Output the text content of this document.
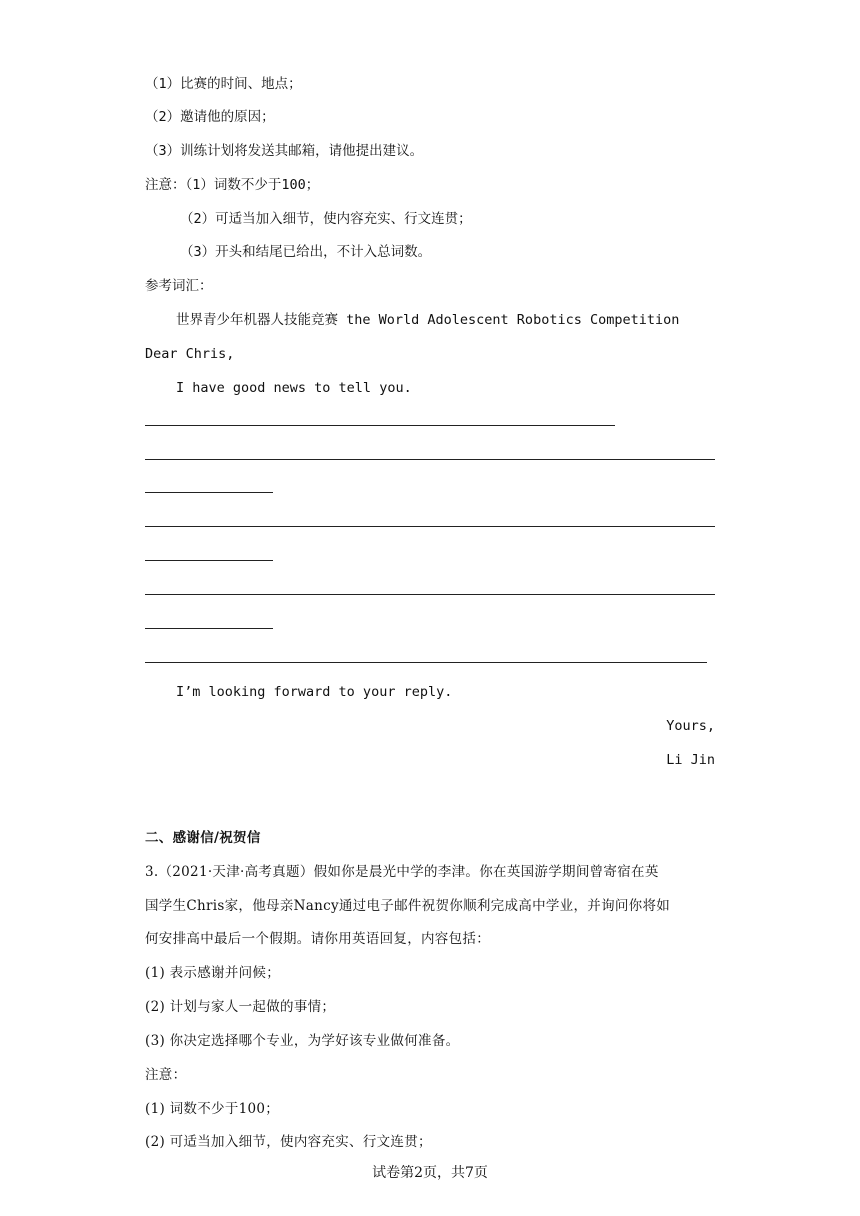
（1）比赛的时间、地点；
（2）邀请他的原因；
（3）训练计划将发送其邮箱，请他提出建议。
注意：（1）词数不少于100；
（2）可适当加入细节，使内容充实、行文连贯；
（3）开头和结尾已给出，不计入总词数。
参考词汇：
世界青少年机器人技能竞赛 the World Adolescent Robotics Competition
Dear Chris,
I have good news to tell you.
I’m looking forward to your reply.
Yours,
Li Jin
二、感谢信/祝贺信
3.（2021·天津·高考真题）假如你是晨光中学的李津。你在英国游学期间曾寄宿在英
国学生Chris家，他母亲Nancy通过电子邮件祝贺你顺利完成高中学业，并询问你将如
何安排高中最后一个假期。请你用英语回复，内容包括：
(1) 表示感谢并问候；
(2) 计划与家人一起做的事情；
(3) 你决定选择哪个专业，为学好该专业做何准备。
注意：
(1) 词数不少于100；
(2) 可适当加入细节，使内容充实、行文连贯；
试卷第2页，共7页
